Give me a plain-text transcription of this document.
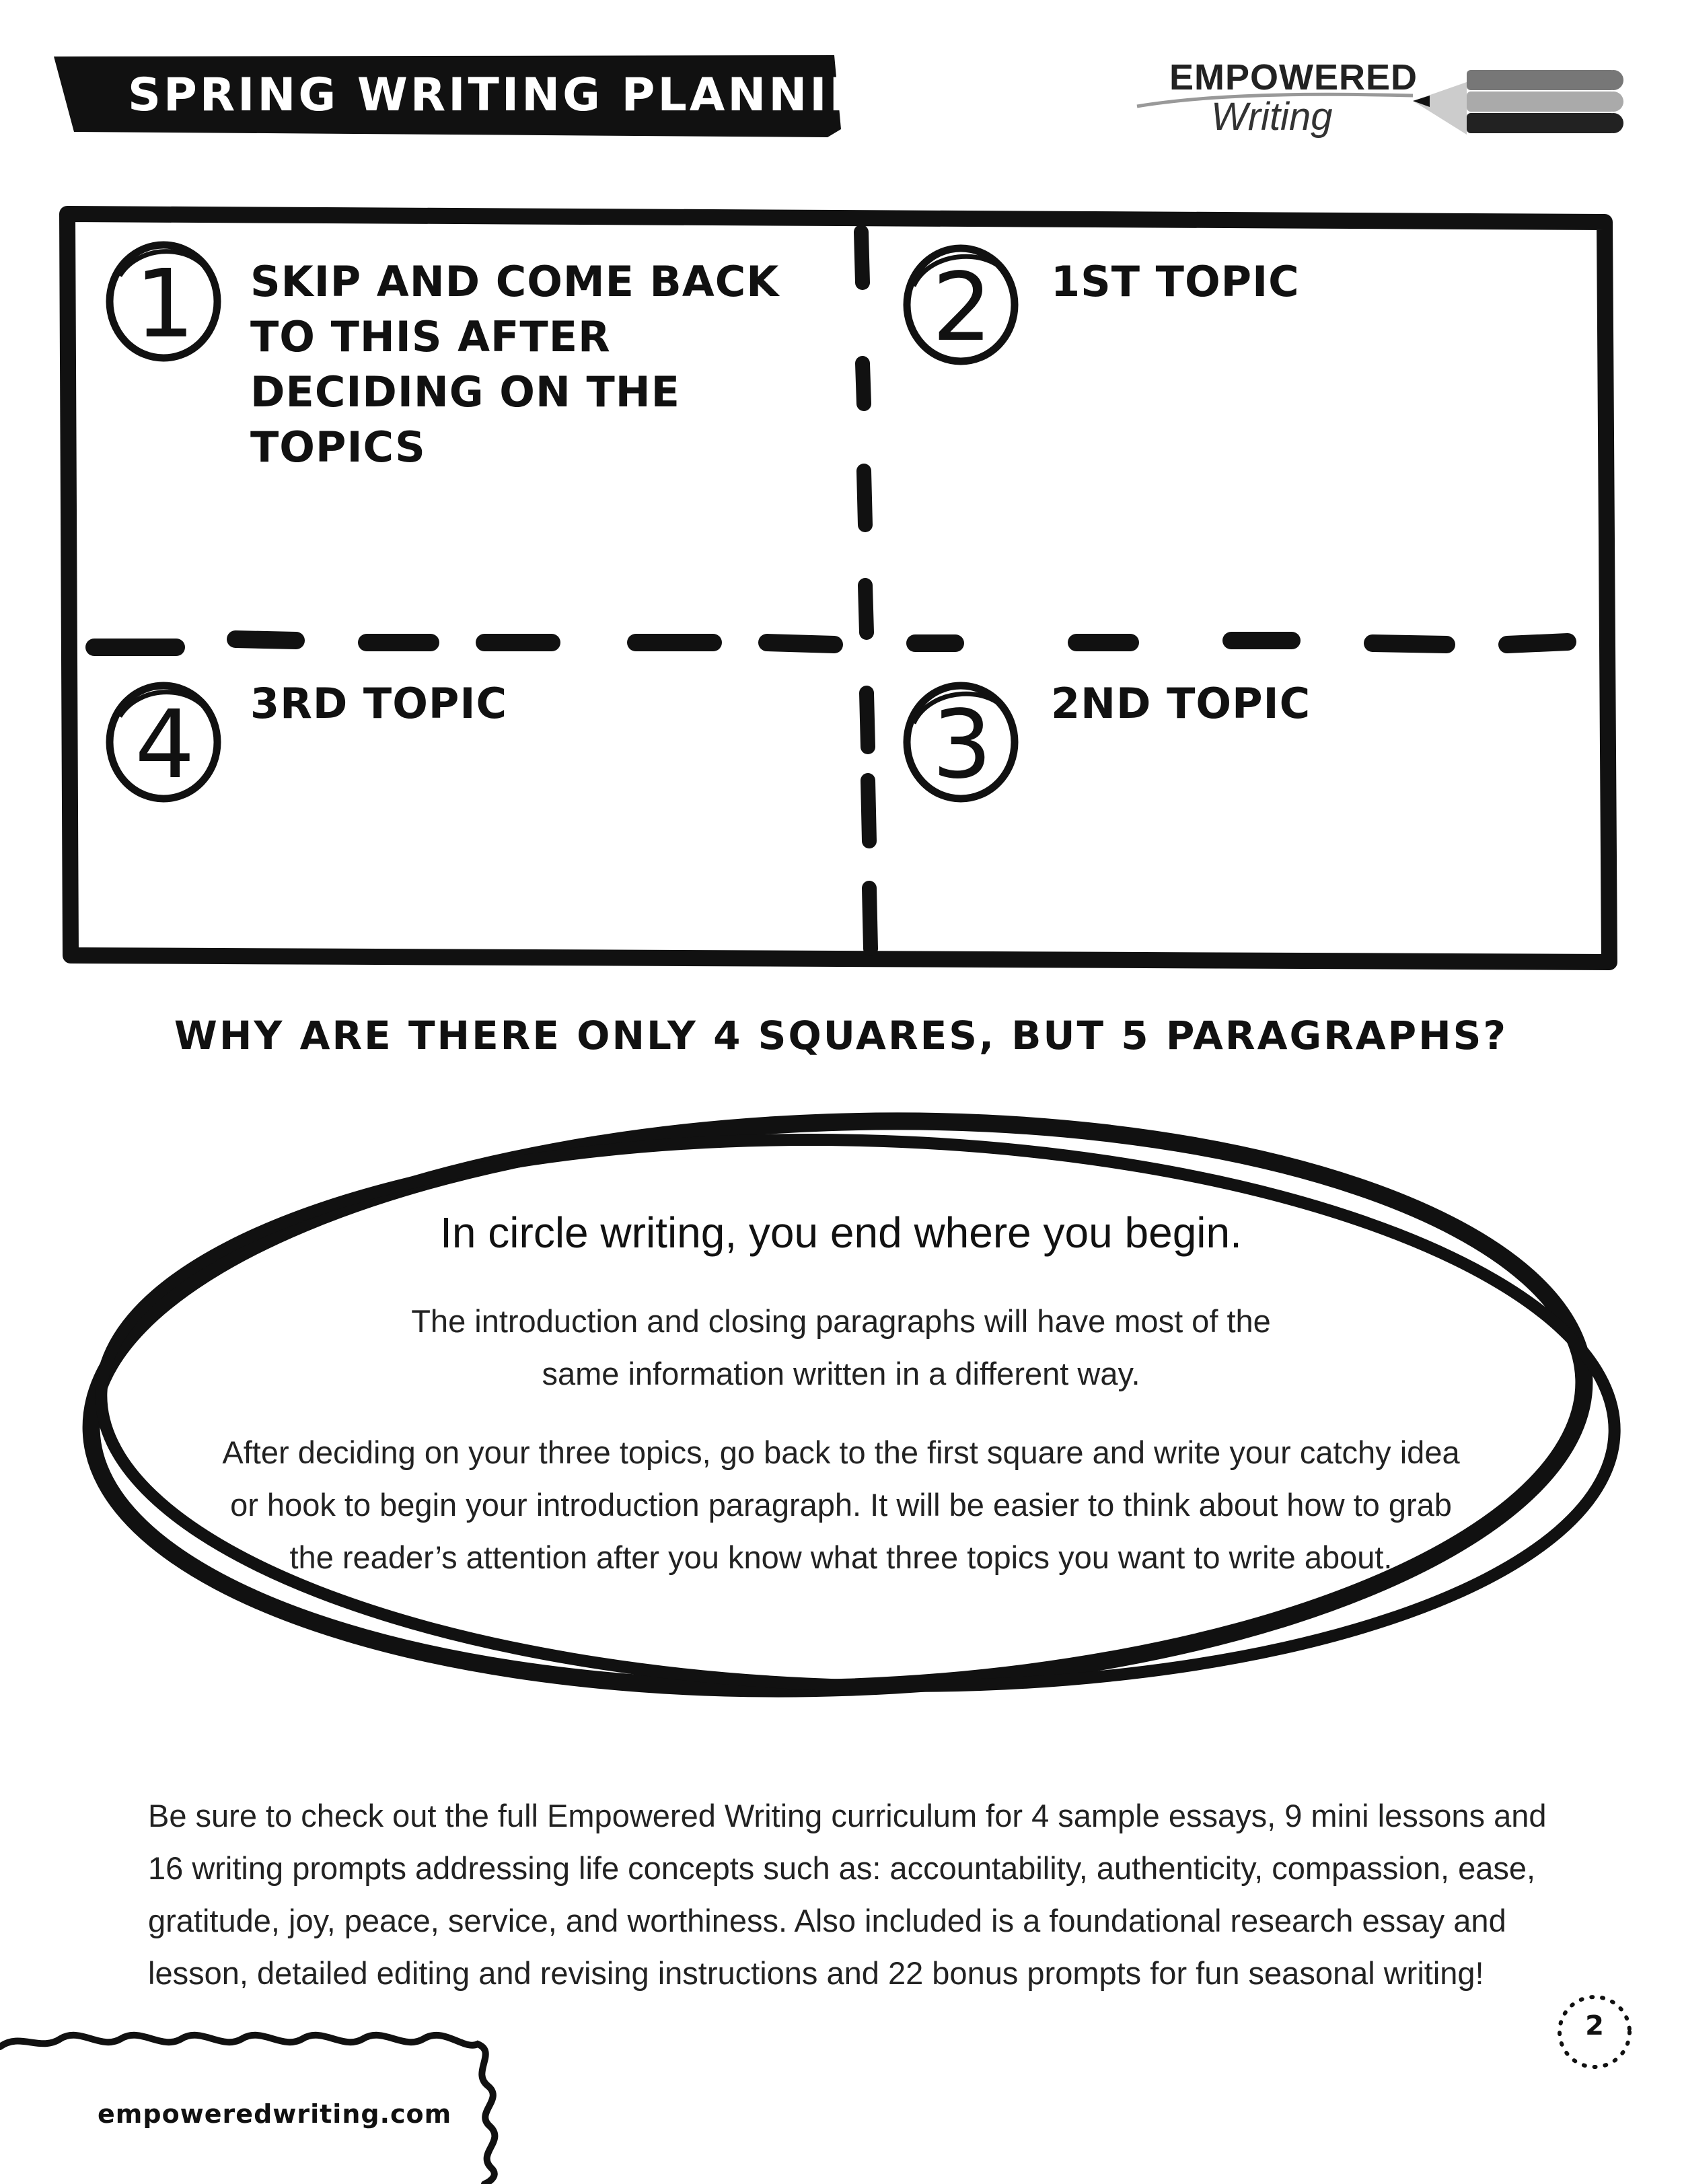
SPRING WRITING PLANNING	EMPOWERED
Writing
1	2
3
4
SKIP AND COME BACK TO THIS AFTER DECIDING ON THE TOPICS
1ST TOPIC
2ND TOPIC
3RD TOPIC
WHY ARE THERE ONLY 4 SQUARES, BUT 5 PARAGRAPHS?
In circle writing, you end where you begin.
The introduction and closing paragraphs will have most of the same information written in a different way.
After deciding on your three topics, go back to the first square and write your catchy idea or hook to begin your introduction paragraph. It will be easier to think about how to grab the reader’s attention after you know what three topics you want to write about.
Be sure to check out the full Empowered Writing curriculum for 4 sample essays, 9 mini lessons and 16 writing prompts addressing life concepts such as: accountability, authenticity, compassion, ease, gratitude, joy, peace, service, and worthiness. Also included is a foundational research essay and lesson, detailed editing and revising instructions and 22 bonus prompts for fun seasonal writing!
empoweredwriting.com
2
